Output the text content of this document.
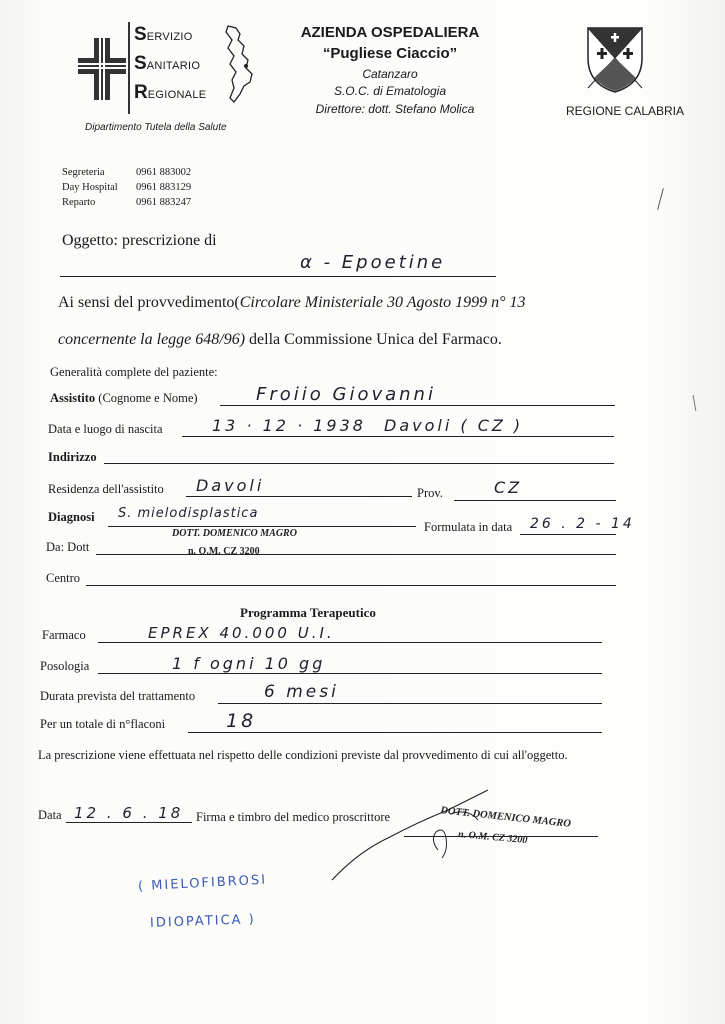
SERVIZIO
SANITARIO
REGIONALE
Dipartimento Tutela della Salute
AZIENDA OSPEDALIERA
“Pugliese Ciaccio”
Catanzaro
S.O.C. di Ematologia
Direttore: dott. Stefano Molica	REGIONE CALABRIA
Segreteria	0961 883002
Day Hospital	0961 883129
Reparto	0961 883247
Oggetto: prescrizione di
α - Epoetine
Ai sensi del provvedimento(Circolare Ministeriale 30 Agosto 1999 n° 13
concernente la legge 648/96) della Commissione Unica del Farmaco.
Generalità complete del paziente:
Assistito (Cognome e Nome)	Froiio Giovanni
Data e luogo di nascita	13 · 12 · 1938 Davoli ( CZ )
Indirizzo
Residenza dell'assistito Davoli	Prov.	CZ
Diagnosi S. mielodisplastica
Formulata in data 26 . 2 - 14
DOTT. DOMENICO MAGRO
n. O.M. CZ 3200
Da: Dott
Centro
Programma Terapeutico
Farmaco	EPREX 40.000 U.I.
Posologia	1 f ogni 10 gg
Durata prevista del trattamento	6 mesi
Per un totale di n°flaconi	18
La prescrizione viene effettuata nel rispetto delle condizioni previste dal provvedimento di cui all'oggetto.
Data 12 . 6 . 18 Firma e timbro del medico proscrittore	DOTT. DOMENICO MAGRO
n. O.M. CZ 3200
( MIELOFIBROSI
IDIOPATICA )
